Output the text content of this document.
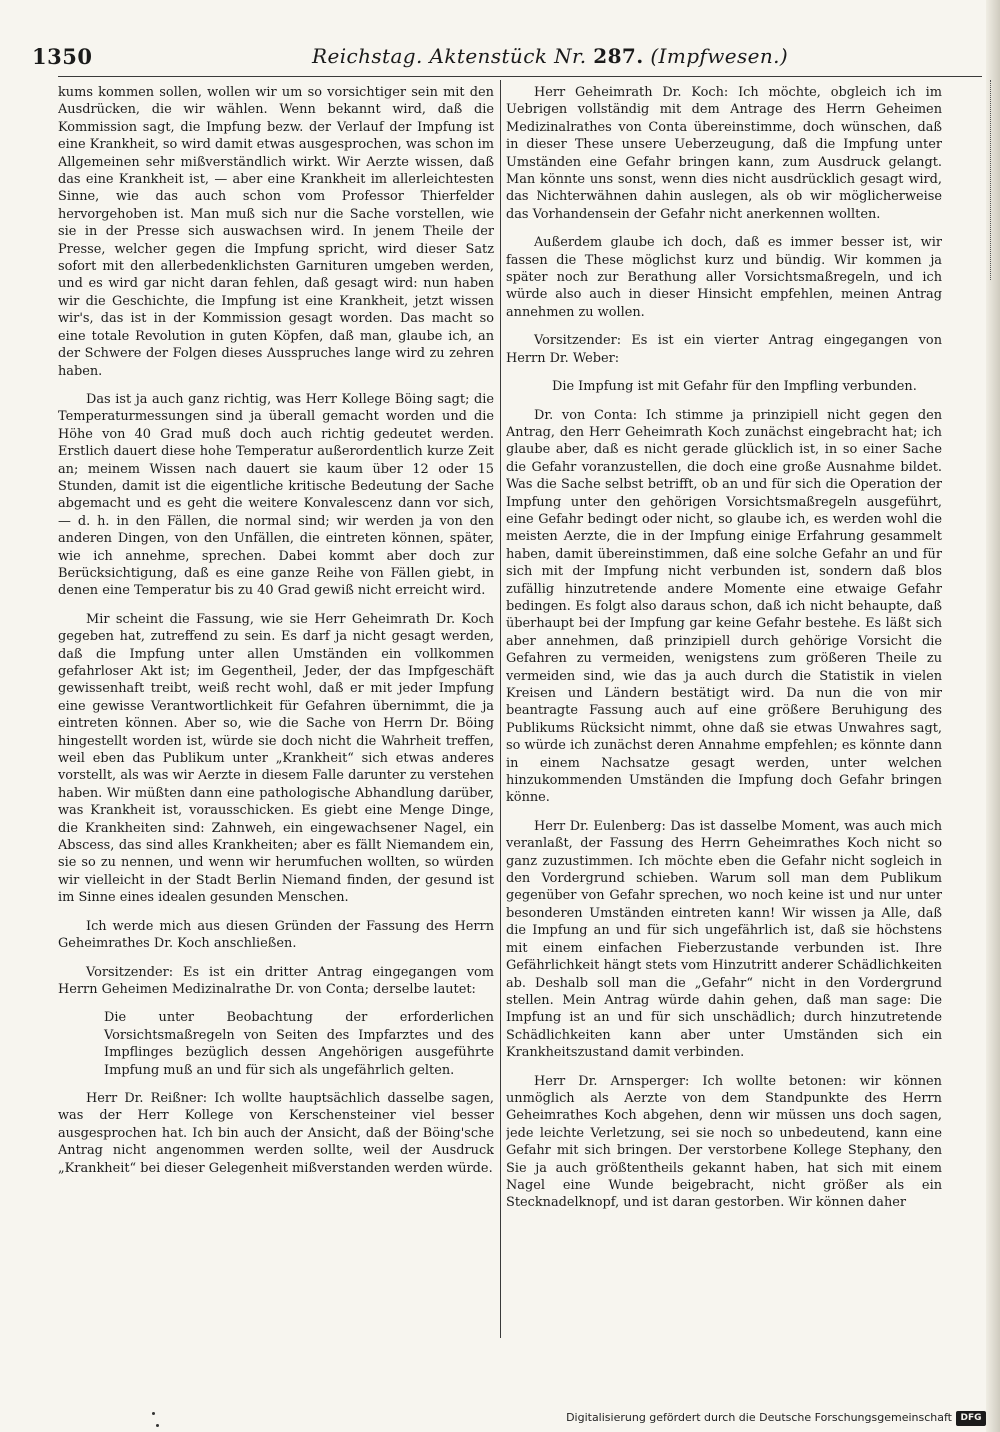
1350	Reichstag. Aktenstück Nr. 287. (Impfwesen.)

kums kommen sollen, wollen wir um so vorsichtiger sein mit den Ausdrücken, die wir wählen. Wenn bekannt wird, daß die Kommission sagt, die Impfung bezw. der Verlauf der Impfung ist eine Krankheit, so wird damit etwas ausgesprochen, was schon im Allgemeinen sehr mißverständlich wirkt. Wir Aerzte wissen, daß das eine Krankheit ist, — aber eine Krankheit im allerleichtesten Sinne, wie das auch schon vom Professor Thierfelder hervorgehoben ist. Man muß sich nur die Sache vorstellen, wie sie in der Presse sich auswachsen wird. In jenem Theile der Presse, welcher gegen die Impfung spricht, wird dieser Satz sofort mit den allerbedenklichsten Garnituren umgeben werden, und es wird gar nicht daran fehlen, daß gesagt wird: nun haben wir die Geschichte, die Impfung ist eine Krankheit, jetzt wissen wir's, das ist in der Kommission gesagt worden. Das macht so eine totale Revolution in guten Köpfen, daß man, glaube ich, an der Schwere der Folgen dieses Ausspruches lange wird zu zehren haben.

Das ist ja auch ganz richtig, was Herr Kollege Böing sagt; die Temperaturmessungen sind ja überall gemacht worden und die Höhe von 40 Grad muß doch auch richtig gedeutet werden. Erstlich dauert diese hohe Temperatur außerordentlich kurze Zeit an; meinem Wissen nach dauert sie kaum über 12 oder 15 Stunden, damit ist die eigentliche kritische Bedeutung der Sache abgemacht und es geht die weitere Konvalescenz dann vor sich, — d. h. in den Fällen, die normal sind; wir werden ja von den anderen Dingen, von den Unfällen, die eintreten können, später, wie ich annehme, sprechen. Dabei kommt aber doch zur Berücksichtigung, daß es eine ganze Reihe von Fällen giebt, in denen eine Temperatur bis zu 40 Grad gewiß nicht erreicht wird.

Mir scheint die Fassung, wie sie Herr Geheimrath Dr. Koch gegeben hat, zutreffend zu sein. Es darf ja nicht gesagt werden, daß die Impfung unter allen Umständen ein vollkommen gefahrloser Akt ist; im Gegentheil, Jeder, der das Impfgeschäft gewissenhaft treibt, weiß recht wohl, daß er mit jeder Impfung eine gewisse Verantwortlichkeit für Gefahren übernimmt, die ja eintreten können. Aber so, wie die Sache von Herrn Dr. Böing hingestellt worden ist, würde sie doch nicht die Wahrheit treffen, weil eben das Publikum unter „Krankheit“ sich etwas anderes vorstellt, als was wir Aerzte in diesem Falle darunter zu verstehen haben. Wir müßten dann eine pathologische Abhandlung darüber, was Krankheit ist, vorausschicken. Es giebt eine Menge Dinge, die Krankheiten sind: Zahnweh, ein eingewachsener Nagel, ein Abscess, das sind alles Krankheiten; aber es fällt Niemandem ein, sie so zu nennen, und wenn wir herumfuchen wollten, so würden wir vielleicht in der Stadt Berlin Niemand finden, der gesund ist im Sinne eines idealen gesunden Menschen.

Ich werde mich aus diesen Gründen der Fassung des Herrn Geheimrathes Dr. Koch anschließen.

Vorsitzender: Es ist ein dritter Antrag eingegangen vom Herrn Geheimen Medizinalrathe Dr. von Conta; derselbe lautet:

Die unter Beobachtung der erforderlichen Vorsichtsmaßregeln von Seiten des Impfarztes und des Impflinges bezüglich dessen Angehörigen ausgeführte Impfung muß an und für sich als ungefährlich gelten.

Herr Dr. Reißner: Ich wollte hauptsächlich dasselbe sagen, was der Herr Kollege von Kerschensteiner viel besser ausgesprochen hat. Ich bin auch der Ansicht, daß der Böing'sche Antrag nicht angenommen werden sollte, weil der Ausdruck „Krankheit“ bei dieser Gelegenheit mißverstanden werden würde.

Herr Geheimrath Dr. Koch: Ich möchte, obgleich ich im Uebrigen vollständig mit dem Antrage des Herrn Geheimen Medizinalrathes von Conta übereinstimme, doch wünschen, daß in dieser These unsere Ueberzeugung, daß die Impfung unter Umständen eine Gefahr bringen kann, zum Ausdruck gelangt. Man könnte uns sonst, wenn dies nicht ausdrücklich gesagt wird, das Nichterwähnen dahin auslegen, als ob wir möglicherweise das Vorhandensein der Gefahr nicht anerkennen wollten.

Außerdem glaube ich doch, daß es immer besser ist, wir fassen die These möglichst kurz und bündig. Wir kommen ja später noch zur Berathung aller Vorsichtsmaßregeln, und ich würde also auch in dieser Hinsicht empfehlen, meinen Antrag annehmen zu wollen.

Vorsitzender: Es ist ein vierter Antrag eingegangen von Herrn Dr. Weber:

Die Impfung ist mit Gefahr für den Impfling verbunden.

Dr. von Conta: Ich stimme ja prinzipiell nicht gegen den Antrag, den Herr Geheimrath Koch zunächst eingebracht hat; ich glaube aber, daß es nicht gerade glücklich ist, in so einer Sache die Gefahr voranzustellen, die doch eine große Ausnahme bildet. Was die Sache selbst betrifft, ob an und für sich die Operation der Impfung unter den gehörigen Vorsichtsmaßregeln ausgeführt, eine Gefahr bedingt oder nicht, so glaube ich, es werden wohl die meisten Aerzte, die in der Impfung einige Erfahrung gesammelt haben, damit übereinstimmen, daß eine solche Gefahr an und für sich mit der Impfung nicht verbunden ist, sondern daß blos zufällig hinzutretende andere Momente eine etwaige Gefahr bedingen. Es folgt also daraus schon, daß ich nicht behaupte, daß überhaupt bei der Impfung gar keine Gefahr bestehe. Es läßt sich aber annehmen, daß prinzipiell durch gehörige Vorsicht die Gefahren zu vermeiden, wenigstens zum größeren Theile zu vermeiden sind, wie das ja auch durch die Statistik in vielen Kreisen und Ländern bestätigt wird. Da nun die von mir beantragte Fassung auch auf eine größere Beruhigung des Publikums Rücksicht nimmt, ohne daß sie etwas Unwahres sagt, so würde ich zunächst deren Annahme empfehlen; es könnte dann in einem Nachsatze gesagt werden, unter welchen hinzukommenden Umständen die Impfung doch Gefahr bringen könne.

Herr Dr. Eulenberg: Das ist dasselbe Moment, was auch mich veranlaßt, der Fassung des Herrn Geheimrathes Koch nicht so ganz zuzustimmen. Ich möchte eben die Gefahr nicht sogleich in den Vordergrund schieben. Warum soll man dem Publikum gegenüber von Gefahr sprechen, wo noch keine ist und nur unter besonderen Umständen eintreten kann! Wir wissen ja Alle, daß die Impfung an und für sich ungefährlich ist, daß sie höchstens mit einem einfachen Fieberzustande verbunden ist. Ihre Gefährlichkeit hängt stets vom Hinzutritt anderer Schädlichkeiten ab. Deshalb soll man die „Gefahr“ nicht in den Vordergrund stellen. Mein Antrag würde dahin gehen, daß man sage: Die Impfung ist an und für sich unschädlich; durch hinzutretende Schädlichkeiten kann aber unter Umständen sich ein Krankheitszustand damit verbinden.

Herr Dr. Arnsperger: Ich wollte betonen: wir können unmöglich als Aerzte von dem Standpunkte des Herrn Geheimrathes Koch abgehen, denn wir müssen uns doch sagen, jede leichte Verletzung, sei sie noch so unbedeutend, kann eine Gefahr mit sich bringen. Der verstorbene Kollege Stephany, den Sie ja auch größtentheils gekannt haben, hat sich mit einem Nagel eine Wunde beigebracht, nicht größer als ein Stecknadelknopf, und ist daran gestorben. Wir können daher

Digitalisierung gefördert durch die Deutsche Forschungsgemeinschaft DFG
